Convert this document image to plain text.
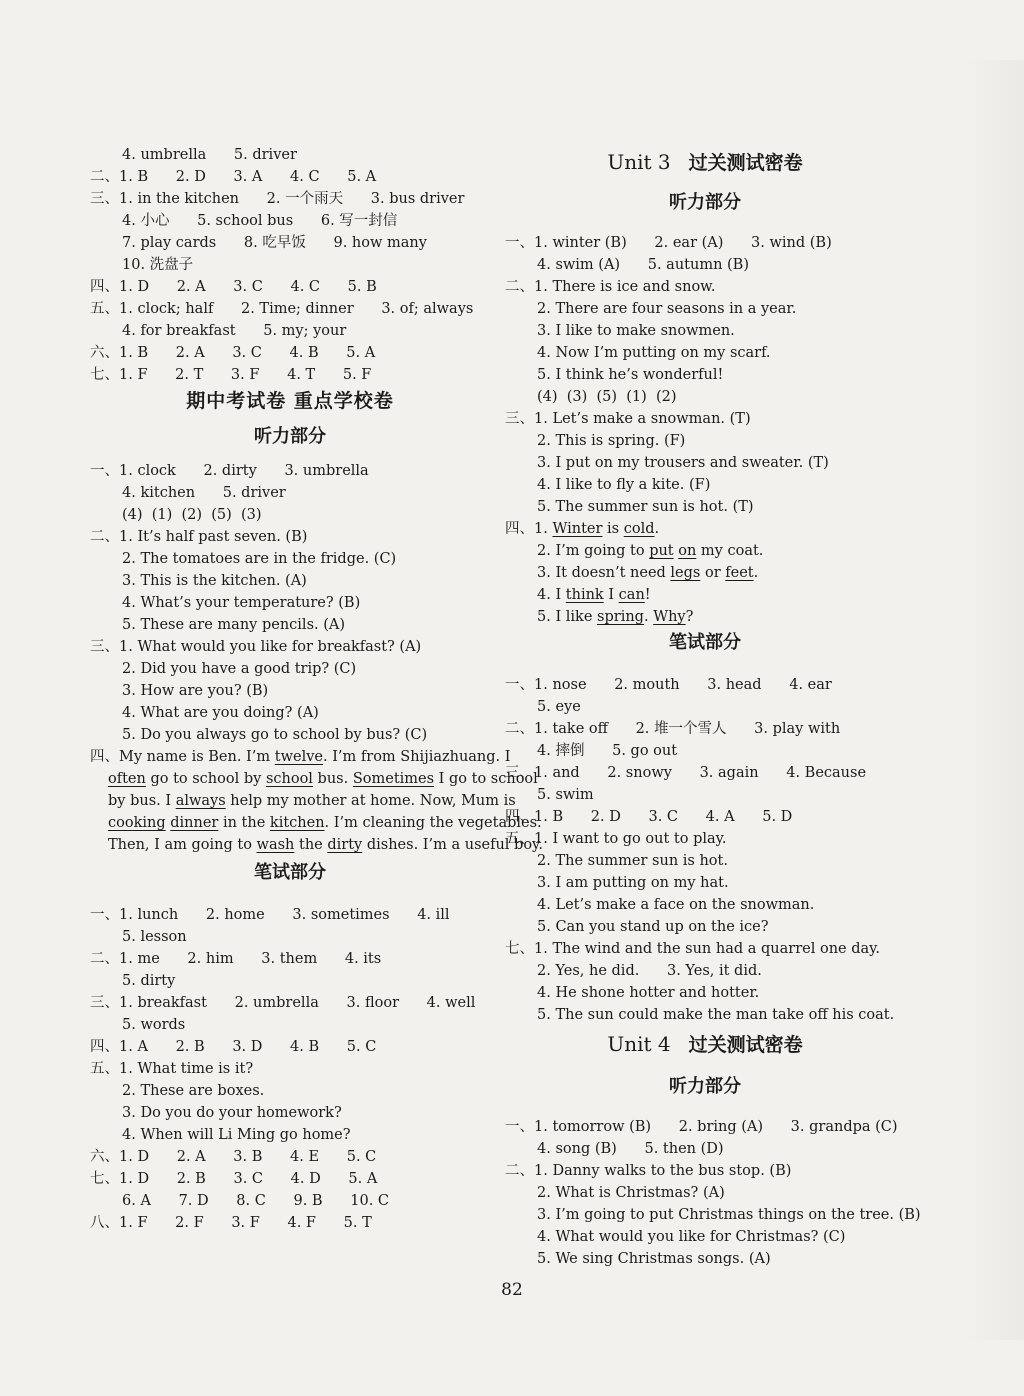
期中考试卷 重点学校卷
听力部分
笔试部分
4. umbrella      5. driver
二、1. B      2. D      3. A      4. C      5. A
三、1. in the kitchen      2. 一个雨天      3. bus driver
4. 小心      5. school bus      6. 写一封信
7. play cards      8. 吃早饭      9. how many
10. 洗盘子
四、1. D      2. A      3. C      4. C      5. B
五、1. clock; half      2. Time; dinner      3. of; always
4. for breakfast      5. my; your
六、1. B      2. A      3. C      4. B      5. A
七、1. F      2. T      3. F      4. T      5. F
一、1. clock      2. dirty      3. umbrella
4. kitchen      5. driver
(4)  (1)  (2)  (5)  (3)
二、1. It’s half past seven. (B)
2. The tomatoes are in the fridge. (C)
3. This is the kitchen. (A)
4. What’s your temperature? (B)
5. These are many pencils. (A)
三、1. What would you like for breakfast? (A)
2. Did you have a good trip? (C)
3. How are you? (B)
4. What are you doing? (A)
5. Do you always go to school by bus? (C)
四、My name is Ben. I’m twelve. I’m from Shijiazhuang. I
often go to school by school bus. Sometimes I go to school
by bus. I always help my mother at home. Now, Mum is
cooking dinner in the kitchen. I’m cleaning the vegetables.
Then, I am going to wash the dirty dishes. I’m a useful boy.
一、1. lunch      2. home      3. sometimes      4. ill
5. lesson
二、1. me      2. him      3. them      4. its
5. dirty
三、1. breakfast      2. umbrella      3. floor      4. well
5. words
四、1. A      2. B      3. D      4. B      5. C
五、1. What time is it?
2. These are boxes.
3. Do you do your homework?
4. When will Li Ming go home?
六、1. D      2. A      3. B      4. E      5. C
七、1. D      2. B      3. C      4. D      5. A
6. A      7. D      8. C      9. B      10. C
八、1. F      2. F      3. F      4. F      5. T
Unit 3 过关测试密卷
听力部分
笔试部分
Unit 4 过关测试密卷
听力部分
一、1. winter (B)      2. ear (A)      3. wind (B)
4. swim (A)      5. autumn (B)
二、1. There is ice and snow.
2. There are four seasons in a year.
3. I like to make snowmen.
4. Now I’m putting on my scarf.
5. I think he’s wonderful!
(4)  (3)  (5)  (1)  (2)
三、1. Let’s make a snowman. (T)
2. This is spring. (F)
3. I put on my trousers and sweater. (T)
4. I like to fly a kite. (F)
5. The summer sun is hot. (T)
四、1. Winter is cold.
2. I’m going to put on my coat.
3. It doesn’t need legs or feet.
4. I think I can!
5. I like spring. Why?
一、1. nose      2. mouth      3. head      4. ear
5. eye
二、1. take off      2. 堆一个雪人      3. play with
4. 摔倒      5. go out
三、1. and      2. snowy      3. again      4. Because
5. swim
四、1. B      2. D      3. C      4. A      5. D
五、1. I want to go out to play.
2. The summer sun is hot.
3. I am putting on my hat.
4. Let’s make a face on the snowman.
5. Can you stand up on the ice?
七、1. The wind and the sun had a quarrel one day.
2. Yes, he did.      3. Yes, it did.
4. He shone hotter and hotter.
5. The sun could make the man take off his coat.
一、1. tomorrow (B)      2. bring (A)      3. grandpa (C)
4. song (B)      5. then (D)
二、1. Danny walks to the bus stop. (B)
2. What is Christmas? (A)
3. I’m going to put Christmas things on the tree. (B)
4. What would you like for Christmas? (C)
5. We sing Christmas songs. (A)
82
